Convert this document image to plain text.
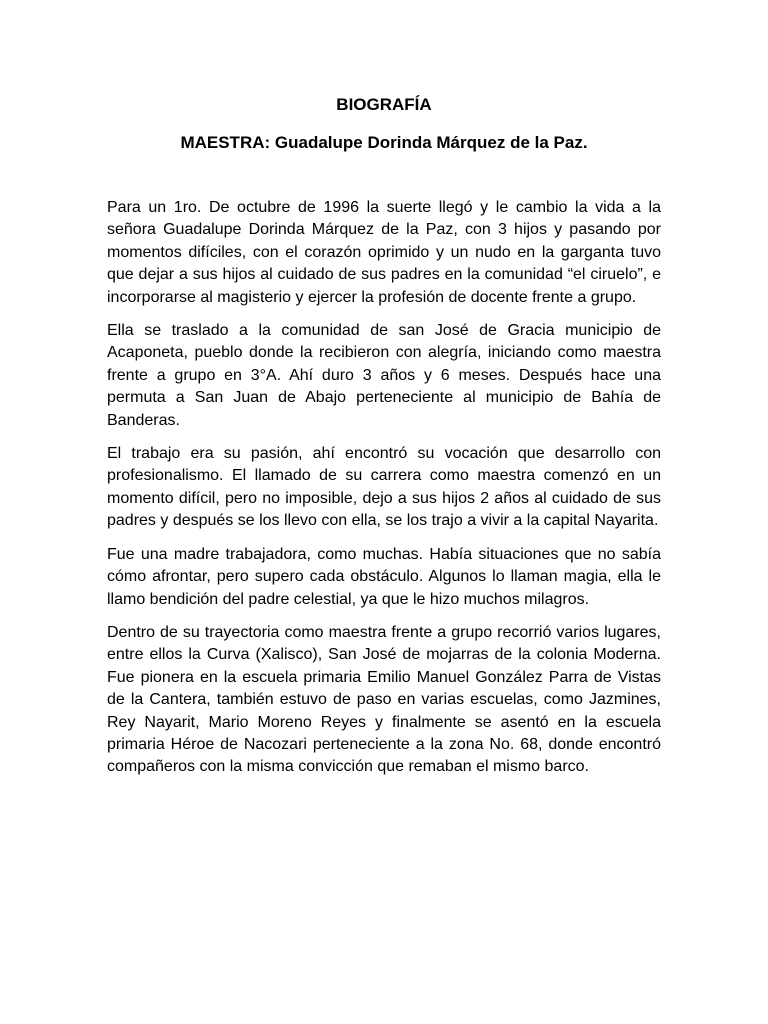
BIOGRAFÍA
MAESTRA: Guadalupe Dorinda Márquez de la Paz.

Para un 1ro. De octubre de 1996 la suerte llegó y le cambio la vida a la señora Guadalupe Dorinda Márquez de la Paz, con 3 hijos y pasando por momentos difíciles, con el corazón oprimido y un nudo en la garganta tuvo que dejar a sus hijos al cuidado de sus padres en la comunidad “el ciruelo”, e incorporarse al magisterio y ejercer la profesión de docente frente a grupo.

Ella se traslado a la comunidad de san José de Gracia municipio de Acaponeta, pueblo donde la recibieron con alegría, iniciando como maestra frente a grupo en 3°A. Ahí duro 3 años y 6 meses. Después hace una permuta a San Juan de Abajo perteneciente al municipio de Bahía de Banderas.

El trabajo era su pasión, ahí encontró su vocación que desarrollo con profesionalismo. El llamado de su carrera como maestra comenzó en un momento difícil, pero no imposible, dejo a sus hijos 2 años al cuidado de sus padres y después se los llevo con ella, se los trajo a vivir a la capital Nayarita.

Fue una madre trabajadora, como muchas. Había situaciones que no sabía cómo afrontar, pero supero cada obstáculo. Algunos lo llaman magia, ella le llamo bendición del padre celestial, ya que le hizo muchos milagros.

Dentro de su trayectoria como maestra frente a grupo recorrió varios lugares, entre ellos la Curva (Xalisco), San José de mojarras de la colonia Moderna. Fue pionera en la escuela primaria Emilio Manuel González Parra de Vistas de la Cantera, también estuvo de paso en varias escuelas, como Jazmines, Rey Nayarit, Mario Moreno Reyes y finalmente se asentó en la escuela primaria Héroe de Nacozari perteneciente a la zona No. 68, donde encontró compañeros con la misma convicción que remaban el mismo barco.
